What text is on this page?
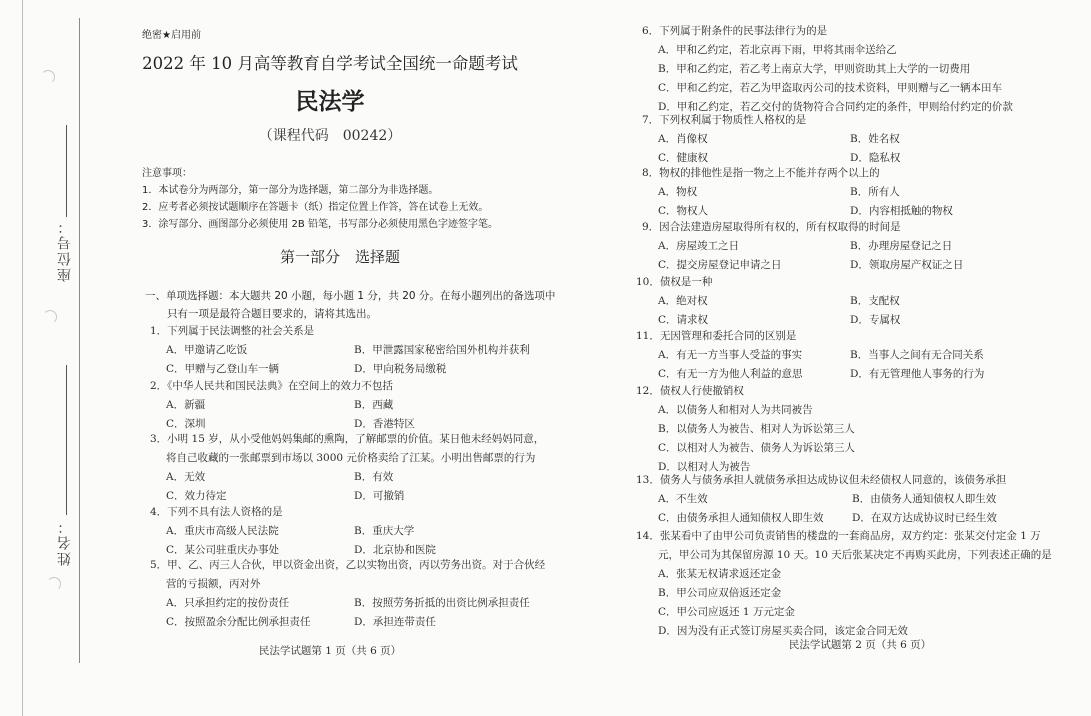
座位号：
姓名：
绝密★启用前
2022 年 10 月高等教育自学考试全国统一命题考试
民法学
（课程代码　00242）
注意事项：
1．本试卷分为两部分，第一部分为选择题，第二部分为非选择题。
2．应考者必须按试题顺序在答题卡（纸）指定位置上作答，答在试卷上无效。
3．涂写部分、画图部分必须使用 2B 铅笔，书写部分必须使用黑色字迹签字笔。
第一部分　选择题
一、单项选择题：本大题共 20 小题，每小题 1 分，共 20 分。在每小题列出的备选项中
只有一项是最符合题目要求的，请将其选出。
1．下列属于民法调整的社会关系是
A．甲邀请乙吃饭	B．甲泄露国家秘密给国外机构并获利
C．甲赠与乙登山车一辆	D．甲向税务局缴税
2．《中华人民共和国民法典》在空间上的效力不包括
A．新疆	B．西藏
C．深圳	D．香港特区
3．小明 15 岁，从小受他妈妈集邮的熏陶，了解邮票的价值。某日他未经妈妈同意，
将自己收藏的一张邮票到市场以 3000 元价格卖给了江某。小明出售邮票的行为
A．无效	B．有效
C．效力待定	D．可撤销
4．下列不具有法人资格的是
A．重庆市高级人民法院	B．重庆大学
C．某公司驻重庆办事处	D．北京协和医院
5．甲、乙、丙三人合伙，甲以资金出资，乙以实物出资，丙以劳务出资。对于合伙经
营的亏损额，丙对外
A．只承担约定的按份责任	B．按照劳务折抵的出资比例承担责任
C．按照盈余分配比例承担责任	D．承担连带责任
民法学试题第 1 页（共 6 页）
6．下列属于附条件的民事法律行为的是
A．甲和乙约定，若北京再下雨，甲将其雨伞送给乙
B．甲和乙约定，若乙考上南京大学，甲则资助其上大学的一切费用
C．甲和乙约定，若乙为甲盗取丙公司的技术资料，甲则赠与乙一辆本田车
D．甲和乙约定，若乙交付的货物符合合同约定的条件，甲则给付约定的价款
7．下列权利属于物质性人格权的是
A．肖像权	B．姓名权
C．健康权	D．隐私权
8．物权的排他性是指一物之上不能并存两个以上的
A．物权	B．所有人
C．物权人	D．内容相抵触的物权
9．因合法建造房屋取得所有权的，所有权取得的时间是
A．房屋竣工之日	B．办理房屋登记之日
C．提交房屋登记申请之日	D．领取房屋产权证之日
10．债权是一种
A．绝对权	B．支配权
C．请求权	D．专属权
11．无因管理和委托合同的区别是
A．有无一方当事人受益的事实	B．当事人之间有无合同关系
C．有无一方为他人利益的意思	D．有无管理他人事务的行为
12．债权人行使撤销权
A．以债务人和相对人为共同被告
B．以债务人为被告、相对人为诉讼第三人
C．以相对人为被告、债务人为诉讼第三人
D．以相对人为被告
13．债务人与债务承担人就债务承担达成协议但未经债权人同意的，该债务承担
A．不生效	B．由债务人通知债权人即生效
C．由债务承担人通知债权人即生效	D．在双方达成协议时已经生效
14．张某看中了由甲公司负责销售的楼盘的一套商品房，双方约定：张某交付定金 1 万
元，甲公司为其保留房源 10 天。10 天后张某决定不再购买此房，下列表述正确的是
A．张某无权请求返还定金
B．甲公司应双倍返还定金
C．甲公司应返还 1 万元定金
D．因为没有正式签订房屋买卖合同，该定金合同无效
民法学试题第 2 页（共 6 页）
